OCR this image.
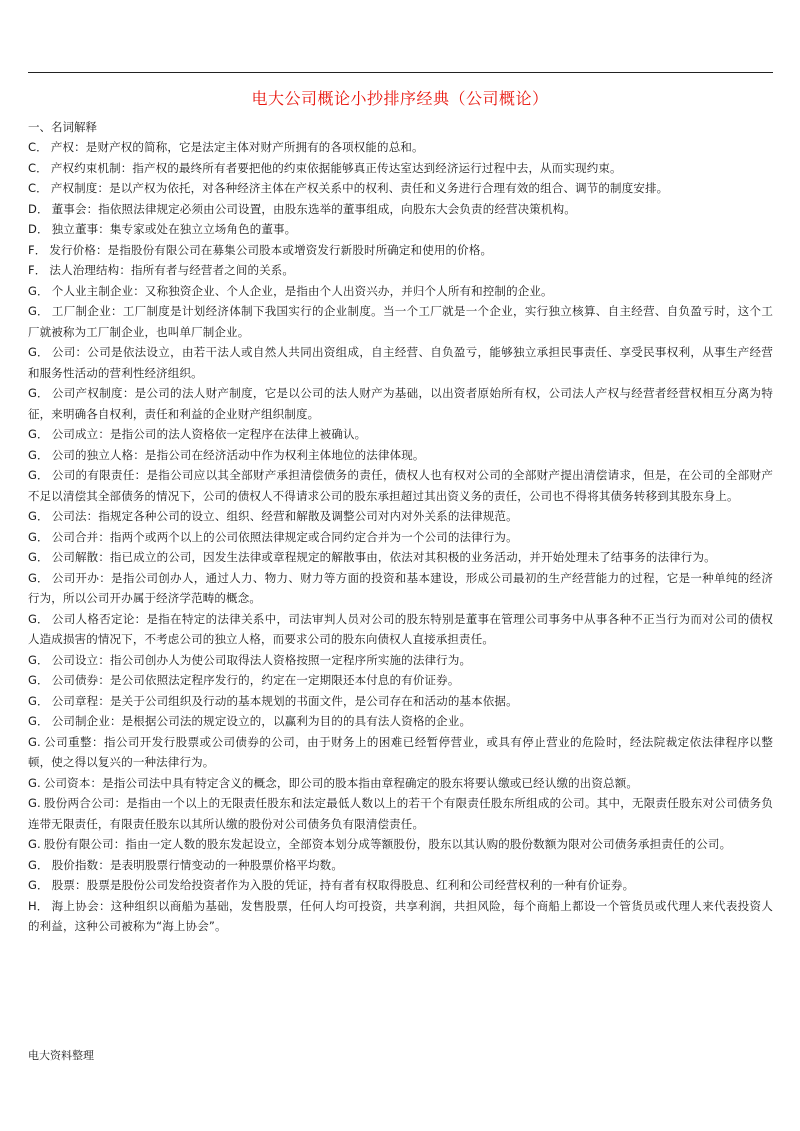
电大公司概论小抄排序经典（公司概论）

一、名词解释

C． 产权：是财产权的简称，它是法定主体对财产所拥有的各项权能的总和。
C． 产权约束机制：指产权的最终所有者要把他的约束依据能够真正传达室达到经济运行过程中去，从而实现约束。
C． 产权制度：是以产权为依托，对各种经济主体在产权关系中的权利、责任和义务进行合理有效的组合、调节的制度安排。
D． 董事会：指依照法律规定必须由公司设置，由股东选举的董事组成，向股东大会负责的经营决策机构。
D． 独立董事：集专家或处在独立立场角色的董事。
F． 发行价格：是指股份有限公司在募集公司股本或增资发行新股时所确定和使用的价格。
F． 法人治理结构：指所有者与经营者之间的关系。
G． 个人业主制企业：又称独资企业、个人企业，是指由个人出资兴办，并归个人所有和控制的企业。
G． 工厂制企业：工厂制度是计划经济体制下我国实行的企业制度。当一个工厂就是一个企业，实行独立核算、自主经营、自负盈亏时，这个工厂就被称为工厂制企业，也叫单厂制企业。
G． 公司：公司是依法设立，由若干法人或自然人共同出资组成，自主经营、自负盈亏，能够独立承担民事责任、享受民事权利，从事生产经营和服务性活动的营利性经济组织。
G． 公司产权制度：是公司的法人财产制度，它是以公司的法人财产为基础，以出资者原始所有权，公司法人产权与经营者经营权相互分离为特征，来明确各自权利，责任和利益的企业财产组织制度。
G． 公司成立：是指公司的法人资格依一定程序在法律上被确认。
G． 公司的独立人格：是指公司在经济活动中作为权利主体地位的法律体现。
G． 公司的有限责任：是指公司应以其全部财产承担清偿债务的责任，债权人也有权对公司的全部财产提出清偿请求，但是，在公司的全部财产不足以清偿其全部债务的情况下，公司的债权人不得请求公司的股东承担超过其出资义务的责任，公司也不得将其债务转移到其股东身上。
G． 公司法：指规定各种公司的设立、组织、经营和解散及调整公司对内对外关系的法律规范。
G． 公司合并：指两个或两个以上的公司依照法律规定或合同约定合并为一个公司的法律行为。
G． 公司解散：指已成立的公司，因发生法律或章程规定的解散事由，依法对其积极的业务活动，并开始处理未了结事务的法律行为。
G． 公司开办：是指公司创办人，通过人力、物力、财力等方面的投资和基本建设，形成公司最初的生产经营能力的过程，它是一种单纯的经济行为，所以公司开办属于经济学范畴的概念。
G． 公司人格否定论：是指在特定的法律关系中，司法审判人员对公司的股东特别是董事在管理公司事务中从事各种不正当行为而对公司的债权人造成损害的情况下，不考虑公司的独立人格，而要求公司的股东向债权人直接承担责任。
G． 公司设立：指公司创办人为使公司取得法人资格按照一定程序所实施的法律行为。
G． 公司债券：是公司依照法定程序发行的，约定在一定期限还本付息的有价证券。
G． 公司章程：是关于公司组织及行动的基本规划的书面文件，是公司存在和活动的基本依据。
G． 公司制企业：是根据公司法的规定设立的，以赢利为目的的具有法人资格的企业。
G. 公司重整：指公司开发行股票或公司债券的公司，由于财务上的困难已经暂停营业，或具有停止营业的危险时，经法院裁定依法律程序以整顿，使之得以复兴的一种法律行为。
G. 公司资本：是指公司法中具有特定含义的概念，即公司的股本指由章程确定的股东将要认缴或已经认缴的出资总额。
G. 股份两合公司：是指由一个以上的无限责任股东和法定最低人数以上的若干个有限责任股东所组成的公司。其中，无限责任股东对公司债务负连带无限责任，有限责任股东以其所认缴的股份对公司债务负有限清偿责任。
G. 股份有限公司：指由一定人数的股东发起设立，全部资本划分成等额股份，股东以其认购的股份数额为限对公司债务承担责任的公司。
G． 股价指数：是表明股票行情变动的一种股票价格平均数。
G． 股票：股票是股份公司发给投资者作为入股的凭证，持有者有权取得股息、红利和公司经营权利的一种有价证券。
H． 海上协会：这种组织以商船为基础，发售股票，任何人均可投资，共享利润，共担风险，每个商船上都设一个管货员或代理人来代表投资人的利益，这种公司被称为“海上协会”。
电大资料整理
